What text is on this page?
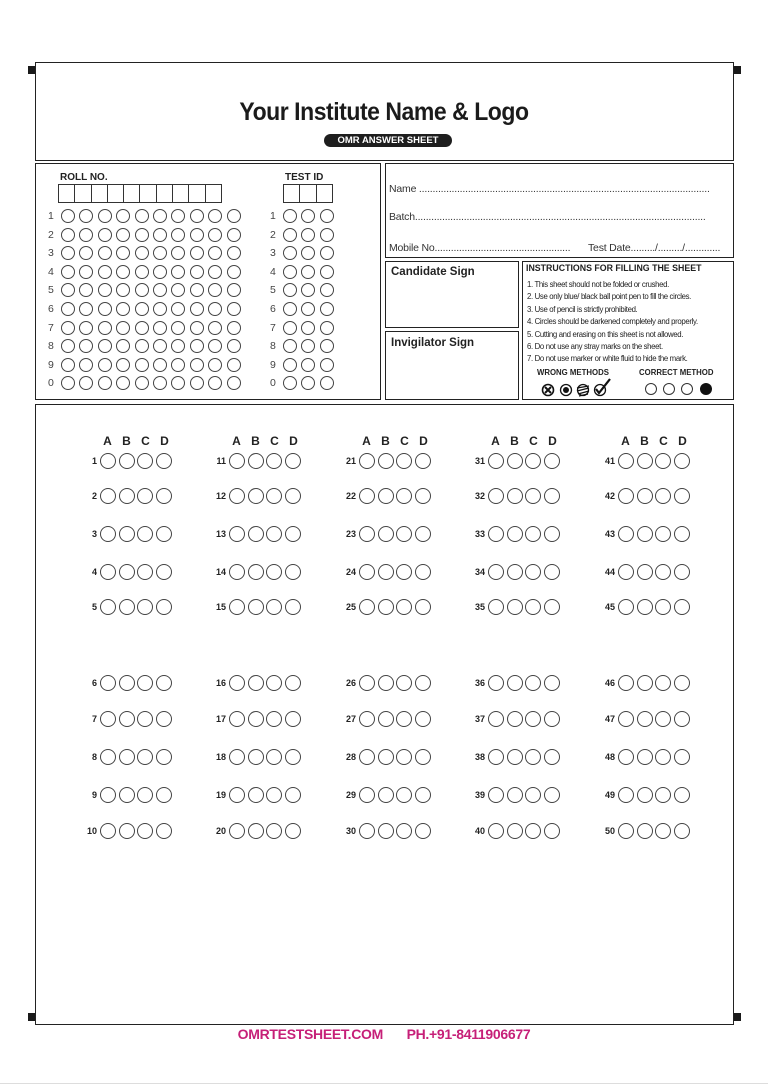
Your Institute Name & Logo
OMR ANSWER SHEET
ROLL NO.	TEST ID
1
2
3
4
5
6
7
8
9
0
1
2
3
4
5
6
7
8
9
0
Name ...........................................................................................................
Batch...........................................................................................................
Mobile No.................................................. Test Date........./........./.............
Candidate Sign
Invigilator Sign
INSTRUCTIONS FOR FILLING THE SHEET
1. This sheet should not be folded or crushed.
2. Use only blue/ black ball point pen to fill the circles.
3. Use of pencil is strictly prohibited.
4. Circles should be darkened completely and properly.
5. Cutting and erasing on this sheet is not allowed.
6. Do not use any stray marks on the sheet.
7. Do not use marker or white fluid to hide the mark.
WRONG METHODS	CORRECT METHOD
A B C D
1
2
3
4
5
6
7
8
9
10
A B C D
11
12
13
14
15
16
17
18
19
20
A B C D
21
22
23
24
25
26
27
28
29
30
A B C D
31
32
33
34
35
36
37
38
39
40
A B C D
41
42
43
44
45
46
47
48
49
50
OMRTESTSHEET.COM PH.+91-8411906677
